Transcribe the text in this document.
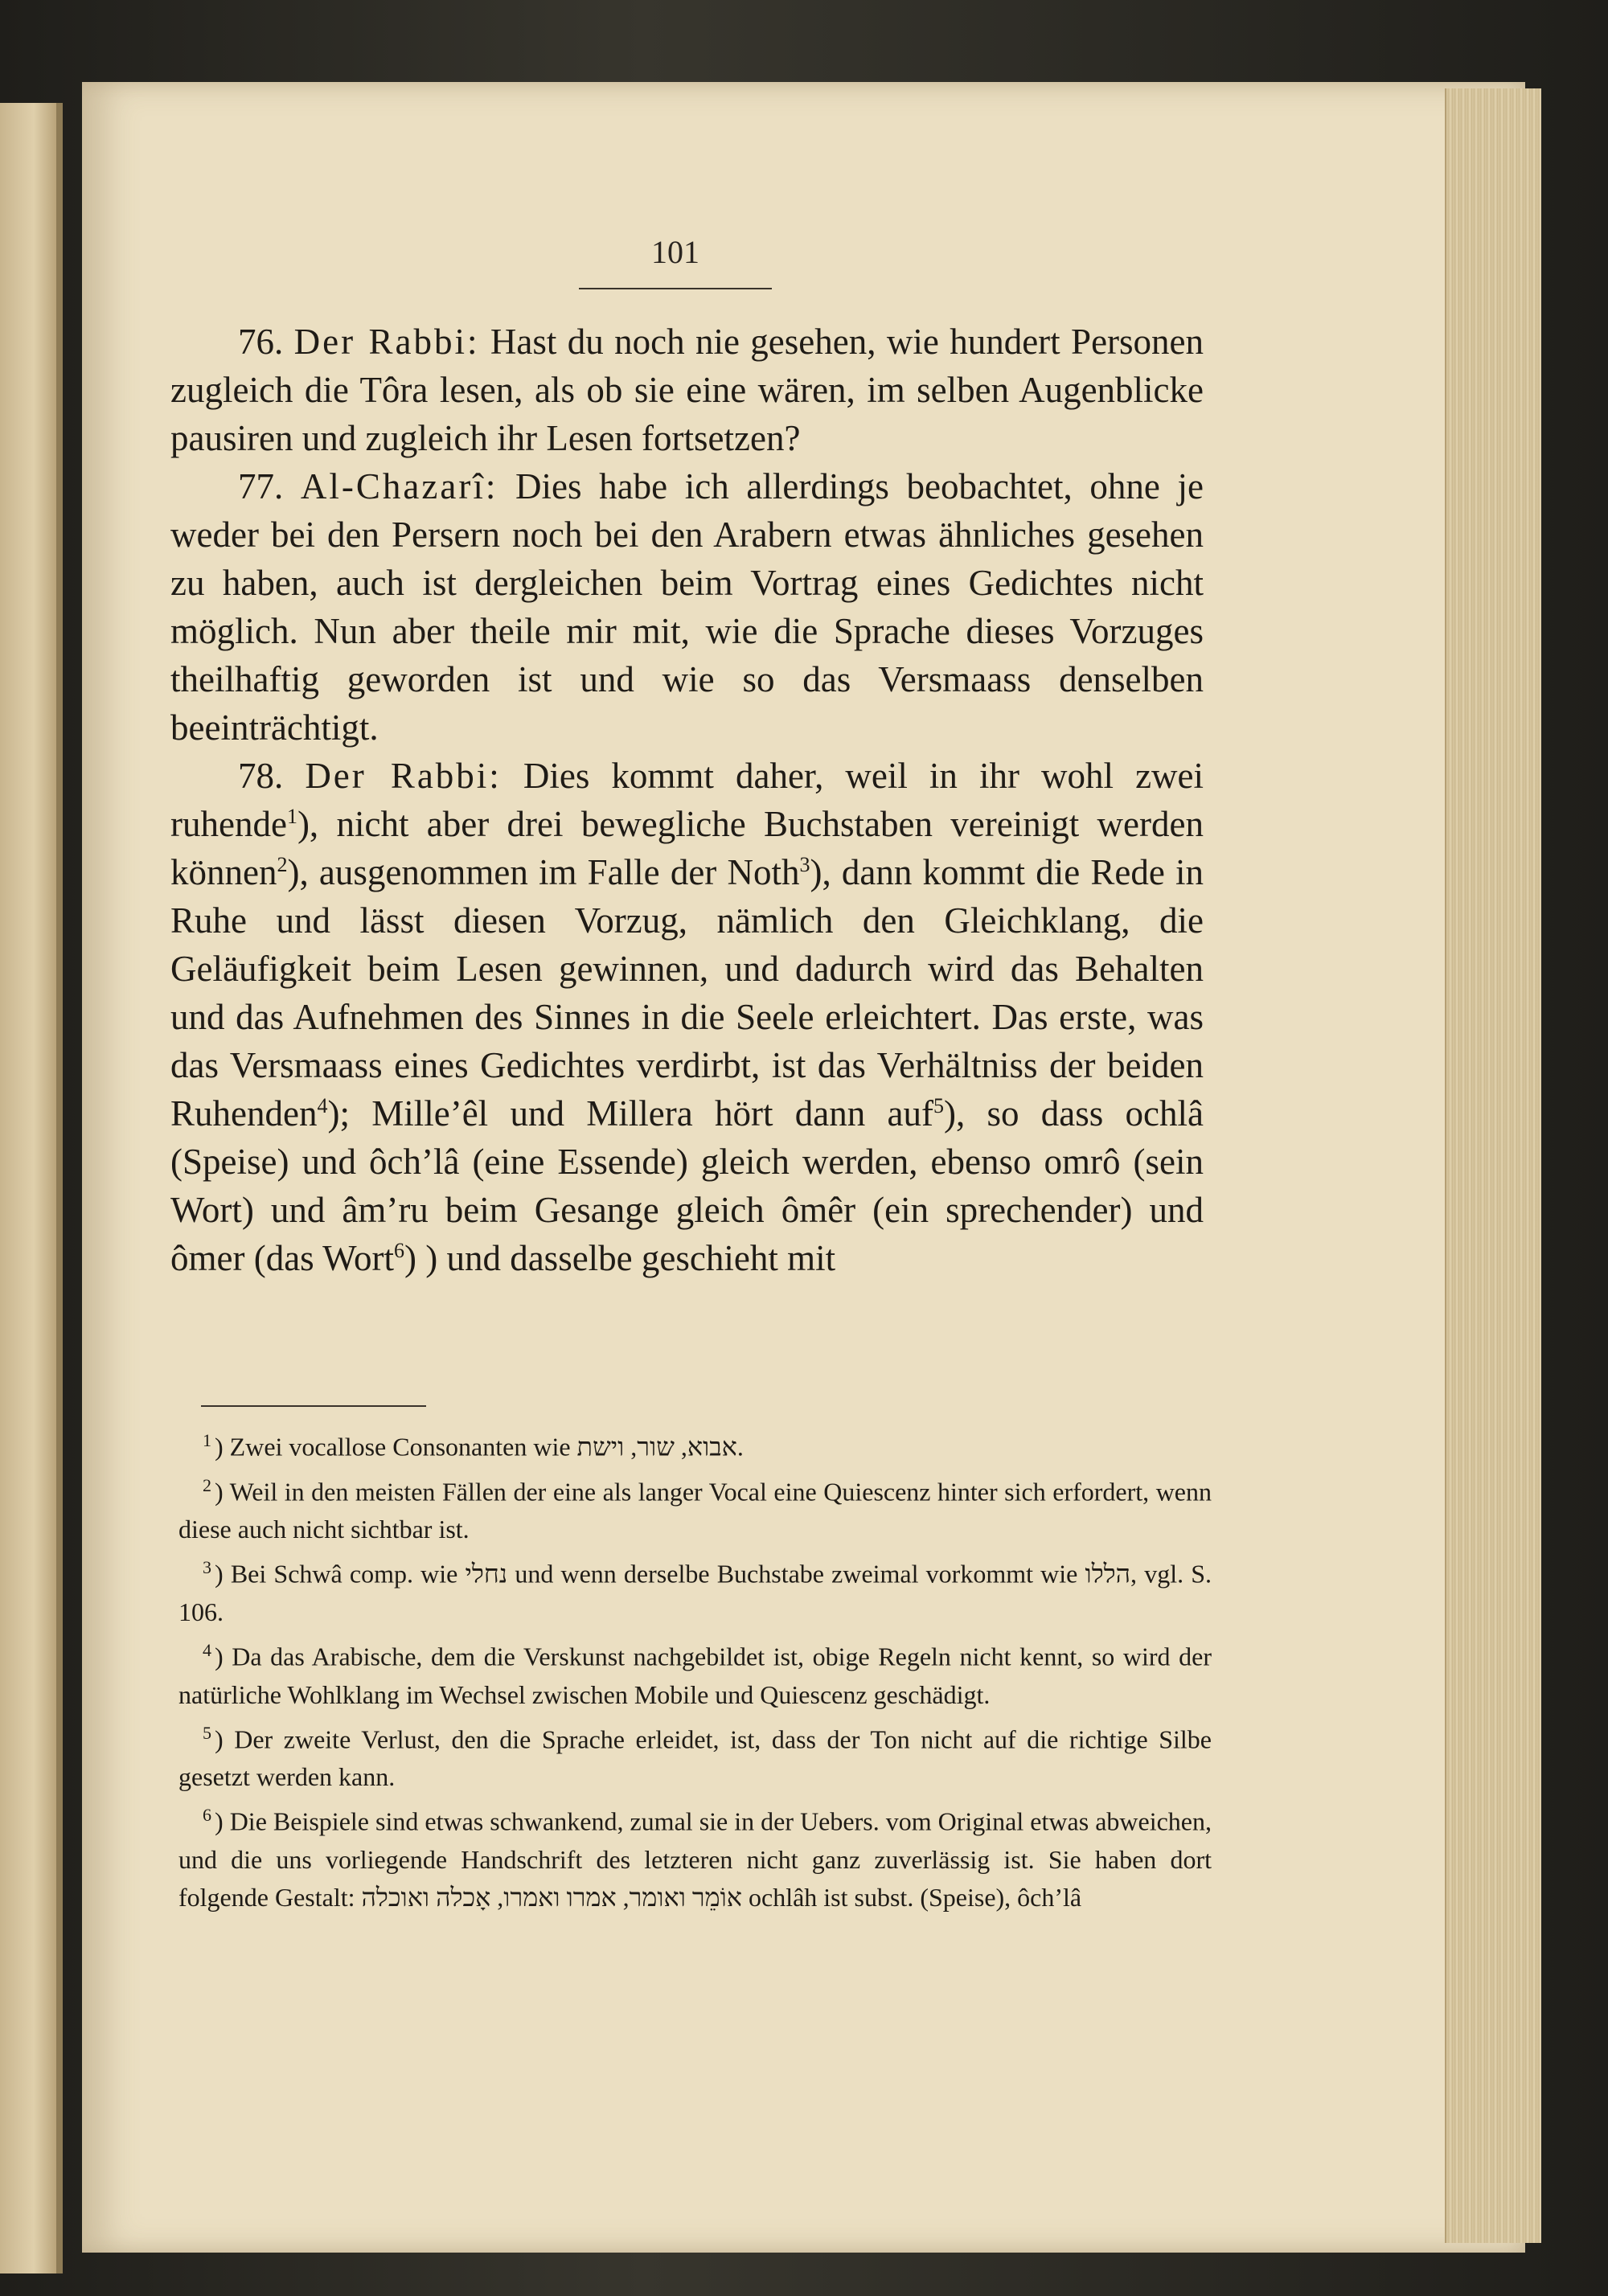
101

76. Der Rabbi: Hast du noch nie gesehen, wie hundert Personen zugleich die Tôra lesen, als ob sie eine wären, im selben Augenblicke pausiren und zugleich ihr Lesen fortsetzen?

77. Al-Chazarî: Dies habe ich allerdings beobachtet, ohne je weder bei den Persern noch bei den Arabern etwas ähnliches gesehen zu haben, auch ist dergleichen beim Vortrag eines Gedichtes nicht möglich. Nun aber theile mir mit, wie die Sprache dieses Vorzuges theilhaftig geworden ist und wie so das Versmaass denselben beeinträchtigt.

78. Der Rabbi: Dies kommt daher, weil in ihr wohl zwei ruhende$^1$), nicht aber drei bewegliche Buchstaben vereinigt werden können$^2$), ausgenommen im Falle der Noth$^3$), dann kommt die Rede in Ruhe und lässt diesen Vorzug, nämlich den Gleichklang, die Geläufigkeit beim Lesen gewinnen, und dadurch wird das Behalten und das Aufnehmen des Sinnes in die Seele erleichtert. Das erste, was das Versmaass eines Gedichtes verdirbt, ist das Verhältniss der beiden Ruhenden$^4$); Mille’êl und Millera hört dann auf$^5$), so dass ochlâ (Speise) und ôch’lâ (eine Essende) gleich werden, ebenso omrô (sein Wort) und âm’ru beim Gesange gleich ômêr (ein sprechender) und ômer (das Wort$^6$) ) und dasselbe geschieht mit

$^1$ ) Zwei vocallose Consonanten wie אבוא, שור, וישת.

$^2$ ) Weil in den meisten Fällen der eine als langer Vocal eine Quiescenz hinter sich erfordert, wenn diese auch nicht sichtbar ist.

$^3$ ) Bei Schwâ comp. wie נחלי und wenn derselbe Buchstabe zweimal vorkommt wie הללו, vgl. S. 106.

$^4$ ) Da das Arabische, dem die Verskunst nachgebildet ist, obige Regeln nicht kennt, so wird der natürliche Wohlklang im Wechsel zwischen Mobile und Quiescenz geschädigt.

$^5$ ) Der zweite Verlust, den die Sprache erleidet, ist, dass der Ton nicht auf die richtige Silbe gesetzt werden kann.

$^6$ ) Die Beispiele sind etwas schwankend, zumal sie in der Uebers. vom Original etwas abweichen, und die uns vorliegende Handschrift des letzteren nicht ganz zuverlässig ist. Sie haben dort folgende Gestalt: אוֹמֵר ואומר, אמרו ואמרו, אָכלה ואוכלה ochlâh ist subst. (Speise), ôch’lâ
